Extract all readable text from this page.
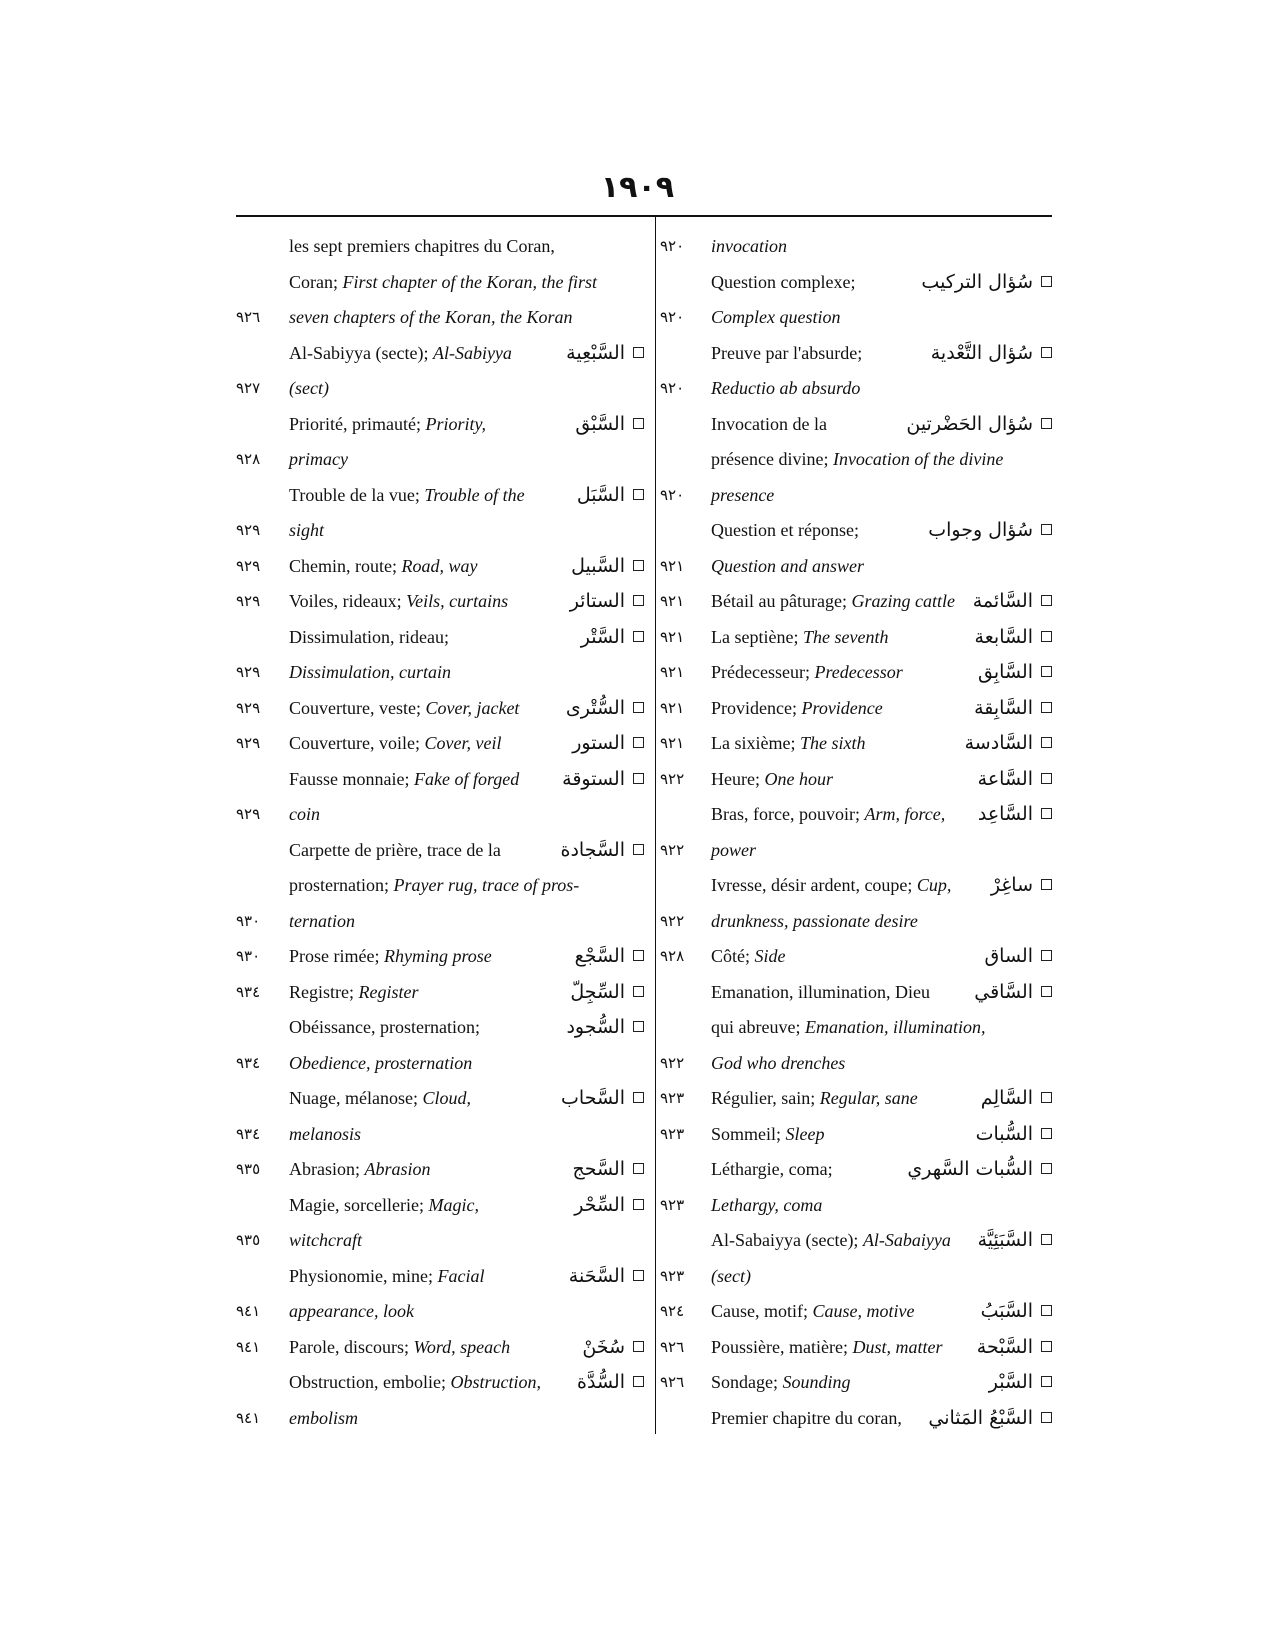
١٩٠٩
les sept premiers chapitres du Coran,
Coran; First chapter of the Koran, the first
٩٢٦	seven chapters of the Koran, the Koran
Al-Sabiyya (secte); Al-Sabiyya	السَّبْعِية
٩٢٧	(sect)
Priorité, primauté; Priority,	السَّبْق
٩٢٨	primacy
Trouble de la vue; Trouble of the	السَّبَل
٩٢٩	sight
٩٢٩	Chemin, route; Road, way	السَّبيل
٩٢٩	Voiles, rideaux; Veils, curtains	الستائر
Dissimulation, rideau;	السَّتْر
٩٢٩	Dissimulation, curtain
٩٢٩	Couverture, veste; Cover, jacket السُّتْرى
٩٢٩	Couverture, voile; Cover, veil	الستور
Fausse monnaie; Fake of forged الستوقة
٩٢٩	coin
Carpette de prière, trace de la	السَّجادة
prosternation; Prayer rug, trace of pros-
٩٣٠	ternation
٩٣٠	Prose rimée; Rhyming prose	السَّجْع
٩٣٤	Registre; Register	السِّجِلّ
Obéissance, prosternation;	السُّجود
٩٣٤	Obedience, prosternation
Nuage, mélanose; Cloud,	السَّحاب
٩٣٤	melanosis
٩٣٥	Abrasion; Abrasion	السَّحج
Magie, sorcellerie; Magic,	السِّحْر
٩٣٥	witchcraft
Physionomie, mine; Facial	السَّحَنة
٩٤١	appearance, look
٩٤١	Parole, discours; Word, speach	سُخَنْ
Obstruction, embolie; Obstruction, السُّدَّة
٩٤١	embolism
٩٢٠	invocation
Question complexe;	سُؤال التركيب
٩٢٠	Complex question
Preuve par l'absurde;	سُؤال التَّعْدية
٩٢٠	Reductio ab absurdo
Invocation de la	سُؤال الحَضْرتين
présence divine; Invocation of the divine
٩٢٠	presence
Question et réponse;	سُؤال وجواب
٩٢١	Question and answer
٩٢١	Bétail au pâturage; Grazing cattle السَّائمة
٩٢١	La septiène; The seventh	السَّابعة
٩٢١	Prédecesseur; Predecessor	السَّابِق
٩٢١	Providence; Providence	السَّابِقة
٩٢١	La sixième; The sixth	السَّادسة
٩٢٢	Heure; One hour	السَّاعة
Bras, force, pouvoir; Arm, force, السَّاعِد
٩٢٢	power
Ivresse, désir ardent, coupe; Cup, ساغِرْ
٩٢٢	drunkness, passionate desire
٩٢٨	Côté; Side	الساق
Emanation, illumination, Dieu السَّاقي
qui abreuve; Emanation, illumination,
٩٢٢	God who drenches
٩٢٣	Régulier, sain; Regular, sane	السَّالِم
٩٢٣	Sommeil; Sleep	السُّبات
Léthargie, coma;	السُّبات السَّهري
٩٢٣	Lethargy, coma
Al-Sabaiyya (secte); Al-Sabaiyya السَّبَئِيَّة
٩٢٣	(sect)
٩٢٤	Cause, motif; Cause, motive	السَّبَبُ
٩٢٦	Poussière, matière; Dust, matter السَّبْحة
٩٢٦	Sondage; Sounding	السَّبْر
Premier chapitre du coran, السَّبْعُ المَثاني
